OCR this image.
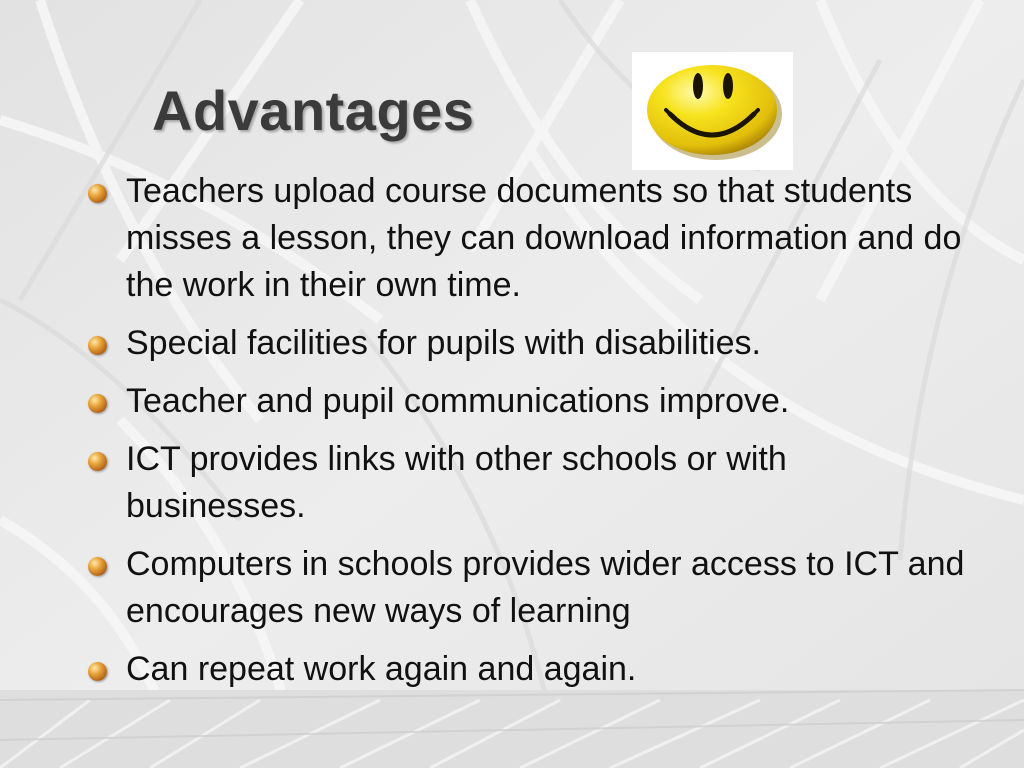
Advantages
Teachers upload course documents so that students misses a lesson, they can download information and do the work in their own time.
Special facilities for pupils with disabilities.
Teacher and pupil communications improve.
ICT provides links with other schools or with businesses.
Computers in schools provides wider access to ICT and encourages new ways of learning
Can repeat work again and again.
